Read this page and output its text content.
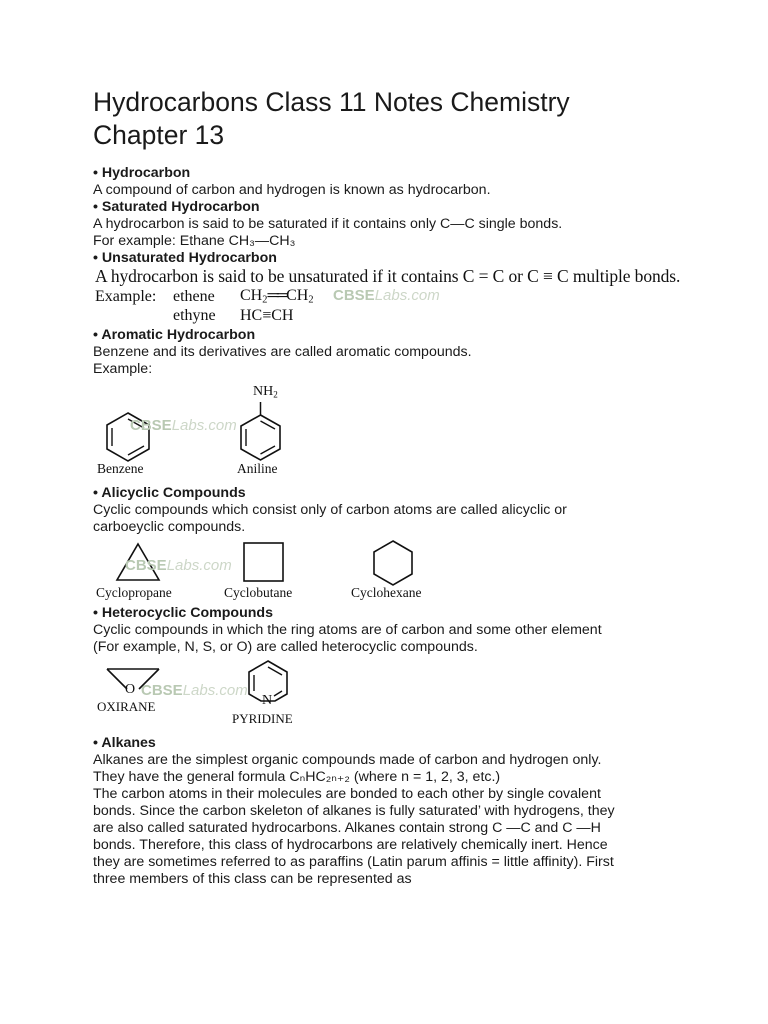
Hydrocarbons Class 11 Notes Chemistry
Chapter 13
• Hydrocarbon
A compound of carbon and hydrogen is known as hydrocarbon.
• Saturated Hydrocarbon
A hydrocarbon is said to be saturated if it contains only C—C single bonds.
For example: Ethane CH₃—CH₃
• Unsaturated Hydrocarbon
A hydrocarbon is said to be unsaturated if it contains C = C or C ≡ C multiple bonds.
Example: ethene $CH_2══CH_2$
ethyne HC≡CH
CBSELabs.com
• Aromatic Hydrocarbon
Benzene and its derivatives are called aromatic compounds.
Example:
Benzene
$NH_2$
Aniline
CBSELabs.com
• Alicyclic Compounds
Cyclic compounds which consist only of carbon atoms are called alicyclic or
carboeyclic compounds.
Cyclopropane	Cyclobutane	Cyclohexane
CBSELabs.com
• Heterocyclic Compounds
Cyclic compounds in which the ring atoms are of carbon and some other element
(For example, N, S, or O) are called heterocyclic compounds.
O
OXIRANE	N
PYRIDINE
CBSELabs.com
• Alkanes
Alkanes are the simplest organic compounds made of carbon and hydrogen only.
They have the general formula CₙHC₂ₙ₊₂ (where n = 1, 2, 3, etc.)
The carbon atoms in their molecules are bonded to each other by single covalent
bonds. Since the carbon skeleton of alkanes is fully saturated’ with hydrogens, they
are also called saturated hydrocarbons. Alkanes contain strong C —C and C —H
bonds. Therefore, this class of hydrocarbons are relatively chemically inert. Hence
they are sometimes referred to as paraffins (Latin parum affinis = little affinity). First
three members of this class can be represented as
